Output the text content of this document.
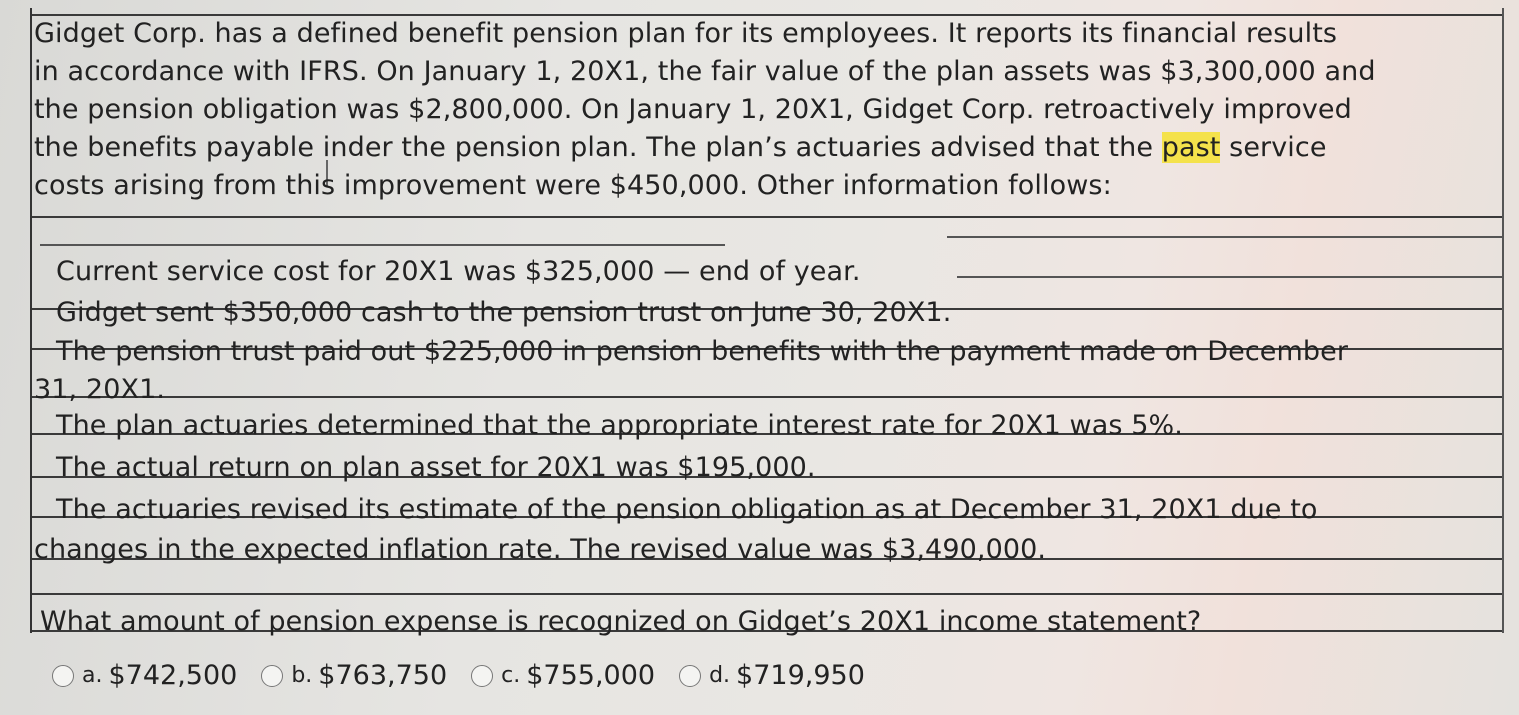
Gidget Corp. has a defined benefit pension plan for its employees. It reports its financial results
in accordance with IFRS. On January 1, 20X1, the fair value of the plan assets was $3,300,000 and
the pension obligation was $2,800,000. On January 1, 20X1, Gidget Corp. retroactively improved
the benefits payable inder the pension plan. The plan’s actuaries advised that the past service
costs arising from this improvement were $450,000. Other information follows:
Current service cost for 20X1 was $325,000 — end of year.
Gidget sent $350,000 cash to the pension trust on June 30, 20X1.
The pension trust paid out $225,000 in pension benefits with the payment made on December
31, 20X1.
The plan actuaries determined that the appropriate interest rate for 20X1 was 5%.
The actual return on plan asset for 20X1 was $195,000.
The actuaries revised its estimate of the pension obligation as at December 31, 20X1 due to
changes in the expected inflation rate. The revised value was $3,490,000.
What amount of pension expense is recognized on Gidget’s 20X1 income statement?
a. $742,500 b. $763,750 c. $755,000 d. $719,950
